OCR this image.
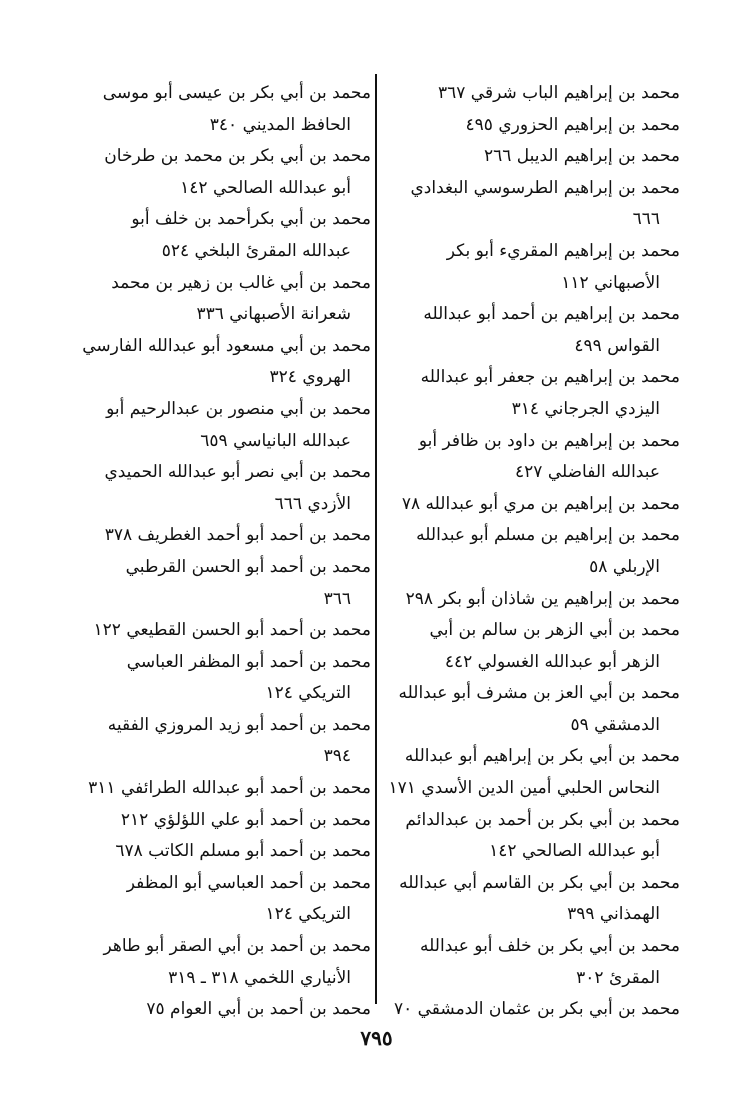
محمد بن إبراهيم الباب شرقي ٣٦٧
محمد بن إبراهيم الحزوري ٤٩٥
محمد بن إبراهيم الديبل ٢٦٦
محمد بن إبراهيم الطرسوسي البغدادي
٦٦٦
محمد بن إبراهيم المقريء أبو بكر
الأصبهاني ١١٢
محمد بن إبراهيم بن أحمد أبو عبدالله
القواس ٤٩٩
محمد بن إبراهيم بن جعفر أبو عبدالله
اليزدي الجرجاني ٣١٤
محمد بن إبراهيم بن داود بن ظافر أبو
عبدالله الفاضلي ٤٢٧
محمد بن إبراهيم بن مري أبو عبدالله ٧٨
محمد بن إبراهيم بن مسلم أبو عبدالله
الإربلي ٥٨
محمد بن إبراهيم ين شاذان أبو بكر ٢٩٨
محمد بن أبي الزهر بن سالم بن أبي
الزهر أبو عبدالله الغسولي ٤٤٢
محمد بن أبي العز بن مشرف أبو عبدالله
الدمشقي ٥٩
محمد بن أبي بكر بن إبراهيم أبو عبدالله
النحاس الحلبي أمين الدين الأسدي ١٧١
محمد بن أبي بكر بن أحمد بن عبدالدائم
أبو عبدالله الصالحي ١٤٢
محمد بن أبي بكر بن القاسم أبي عبدالله
الهمذاني ٣٩٩
محمد بن أبي بكر بن خلف أبو عبدالله
المقرئ ٣٠٢
محمد بن أبي بكر بن عثمان الدمشقي ٧٠
محمد بن أبي بكر بن عيسى أبو موسى
الحافظ المديني ٣٤٠
محمد بن أبي بكر بن محمد بن طرخان
أبو عبدالله الصالحي ١٤٢
محمد بن أبي بكرأحمد بن خلف أبو
عبدالله المقرئ البلخي ٥٢٤
محمد بن أبي غالب بن زهير بن محمد
شعرانة الأصبهاني ٣٣٦
محمد بن أبي مسعود أبو عبدالله الفارسي
الهروي ٣٢٤
محمد بن أبي منصور بن عبدالرحيم أبو
عبدالله البانياسي ٦٥٩
محمد بن أبي نصر أبو عبدالله الحميدي
الأزدي ٦٦٦
محمد بن أحمد أبو أحمد الغطريف ٣٧٨
محمد بن أحمد أبو الحسن القرطبي
٣٦٦
محمد بن أحمد أبو الحسن القطيعي ١٢٢
محمد بن أحمد أبو المظفر العباسي
التريكي ١٢٤
محمد بن أحمد أبو زيد المروزي الفقيه
٣٩٤
محمد بن أحمد أبو عبدالله الطرائفي ٣١١
محمد بن أحمد أبو علي اللؤلؤي ٢١٢
محمد بن أحمد أبو مسلم الكاتب ٦٧٨
محمد بن أحمد العباسي أبو المظفر
التريكي ١٢٤
محمد بن أحمد بن أبي الصقر أبو طاهر
الأنياري اللخمي ٣١٨ ـ ٣١٩
محمد بن أحمد بن أبي العوام ٧٥
٧٩٥
